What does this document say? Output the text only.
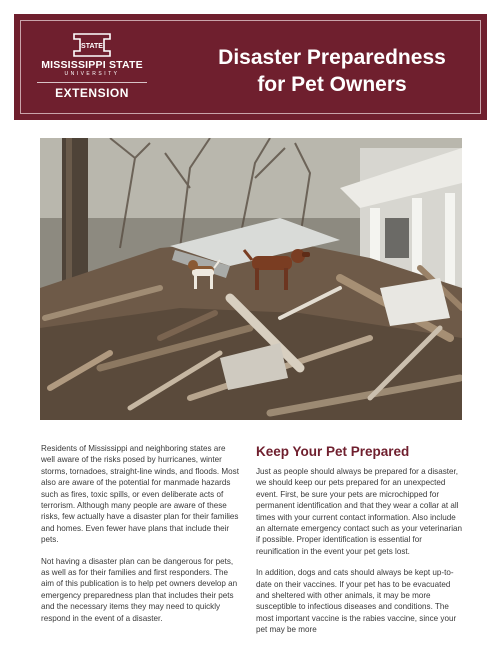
STATE
MISSISSIPPI STATE
UNIVERSITY
EXTENSION
Disaster Preparedness
for Pet Owners

Residents of Mississippi and neighboring states are well aware of the risks posed by hurricanes, winter storms, tornadoes, straight-line winds, and floods. Most also are aware of the potential for manmade hazards such as fires, toxic spills, or even deliberate acts of terrorism. Although many people are aware of these risks, few actually have a disaster plan for their families and homes. Even fewer have plans that include their pets.

Not having a disaster plan can be dangerous for pets, as well as for their families and first responders. The aim of this publication is to help pet owners develop an emergency preparedness plan that includes their pets and the necessary items they may need to quickly respond in the event of a disaster.

Keep Your Pet Prepared

Just as people should always be prepared for a disaster, we should keep our pets prepared for an unexpected event. First, be sure your pets are microchipped for permanent identification and that they wear a collar at all times with your current contact information. Also include an alternate emergency contact such as your veterinarian if possible. Proper identification is essential for reunification in the event your pet gets lost.

In addition, dogs and cats should always be kept up-to-date on their vaccines. If your pet has to be evacuated and sheltered with other animals, it may be more susceptible to infectious diseases and conditions. The most important vaccine is the rabies vaccine, since your pet may be more
